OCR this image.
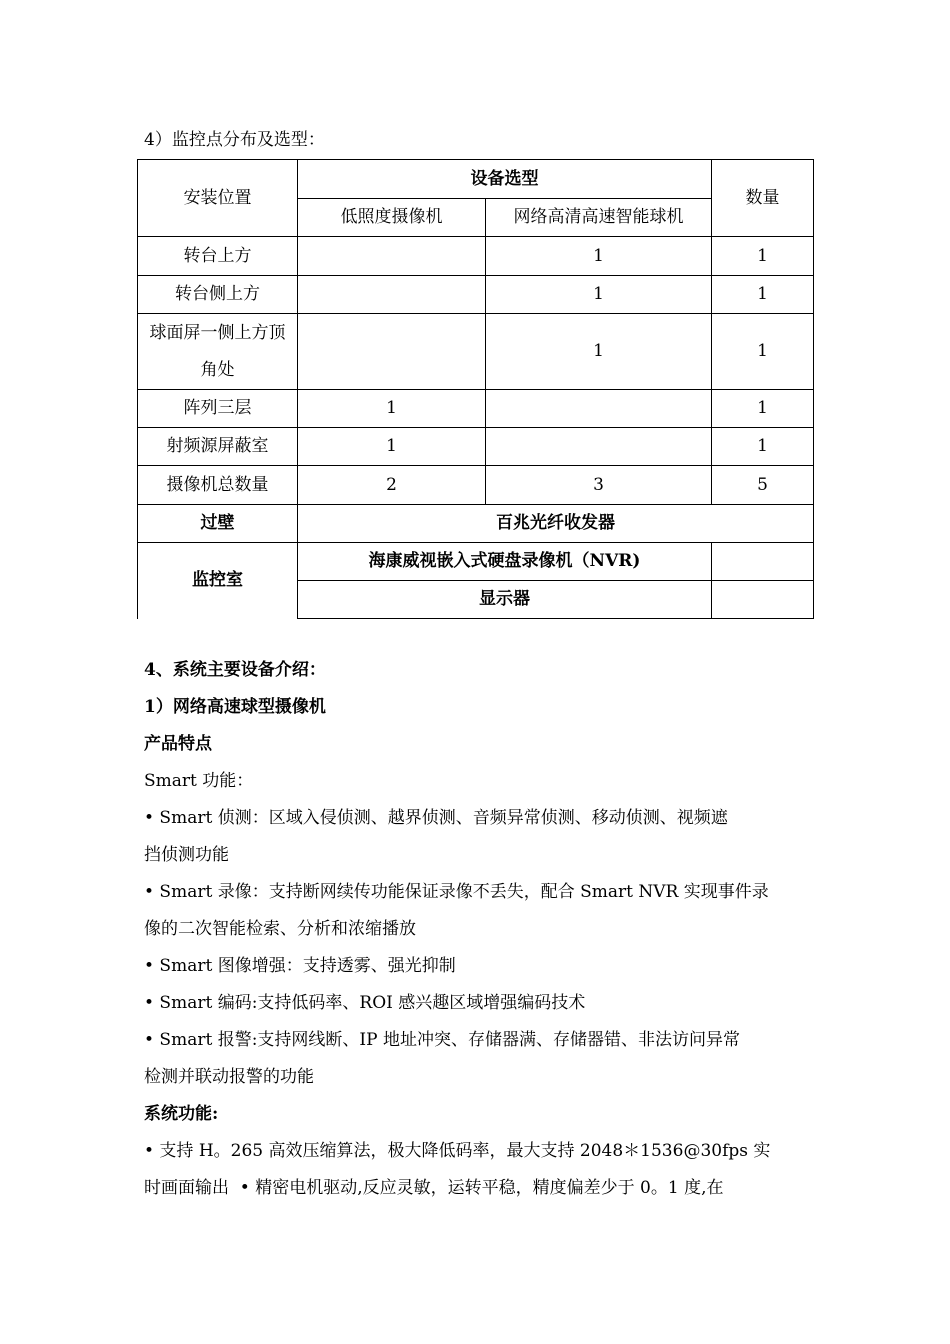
4）监控点分布及选型：
安装位置	设备选型		数量
	低照度摄像机	网络高清高速智能球机	
转台上方		1	1
转台侧上方		1	1

球面屏一侧上方顶
角处		1	1
阵列三层	1		1
射频源屏蔽室	1		1
摄像机总数量	2	3	5
过壁	百兆光纤收发器		
监控室	海康威视嵌入式硬盘录像机（NVR)		
	显示器		

4、系统主要设备介绍：

1）网络高速球型摄像机

产品特点

Smart 功能：

• Smart 侦测：区域入侵侦测、越界侦测、音频异常侦测、移动侦测、视频遮

挡侦测功能

• Smart 录像：支持断网续传功能保证录像不丢失，配合 Smart NVR 实现事件录

像的二次智能检索、分析和浓缩播放

• Smart 图像增强：支持透雾、强光抑制

• Smart 编码:支持低码率、ROI 感兴趣区域增强编码技术

• Smart 报警:支持网线断、IP 地址冲突、存储器满、存储器错、非法访问异常

检测并联动报警的功能

系统功能:

• 支持 H。265 高效压缩算法，极大降低码率，最大支持 2048＊1536@30fps 实

时画面输出  • 精密电机驱动,反应灵敏，运转平稳，精度偏差少于 0。1 度,在
